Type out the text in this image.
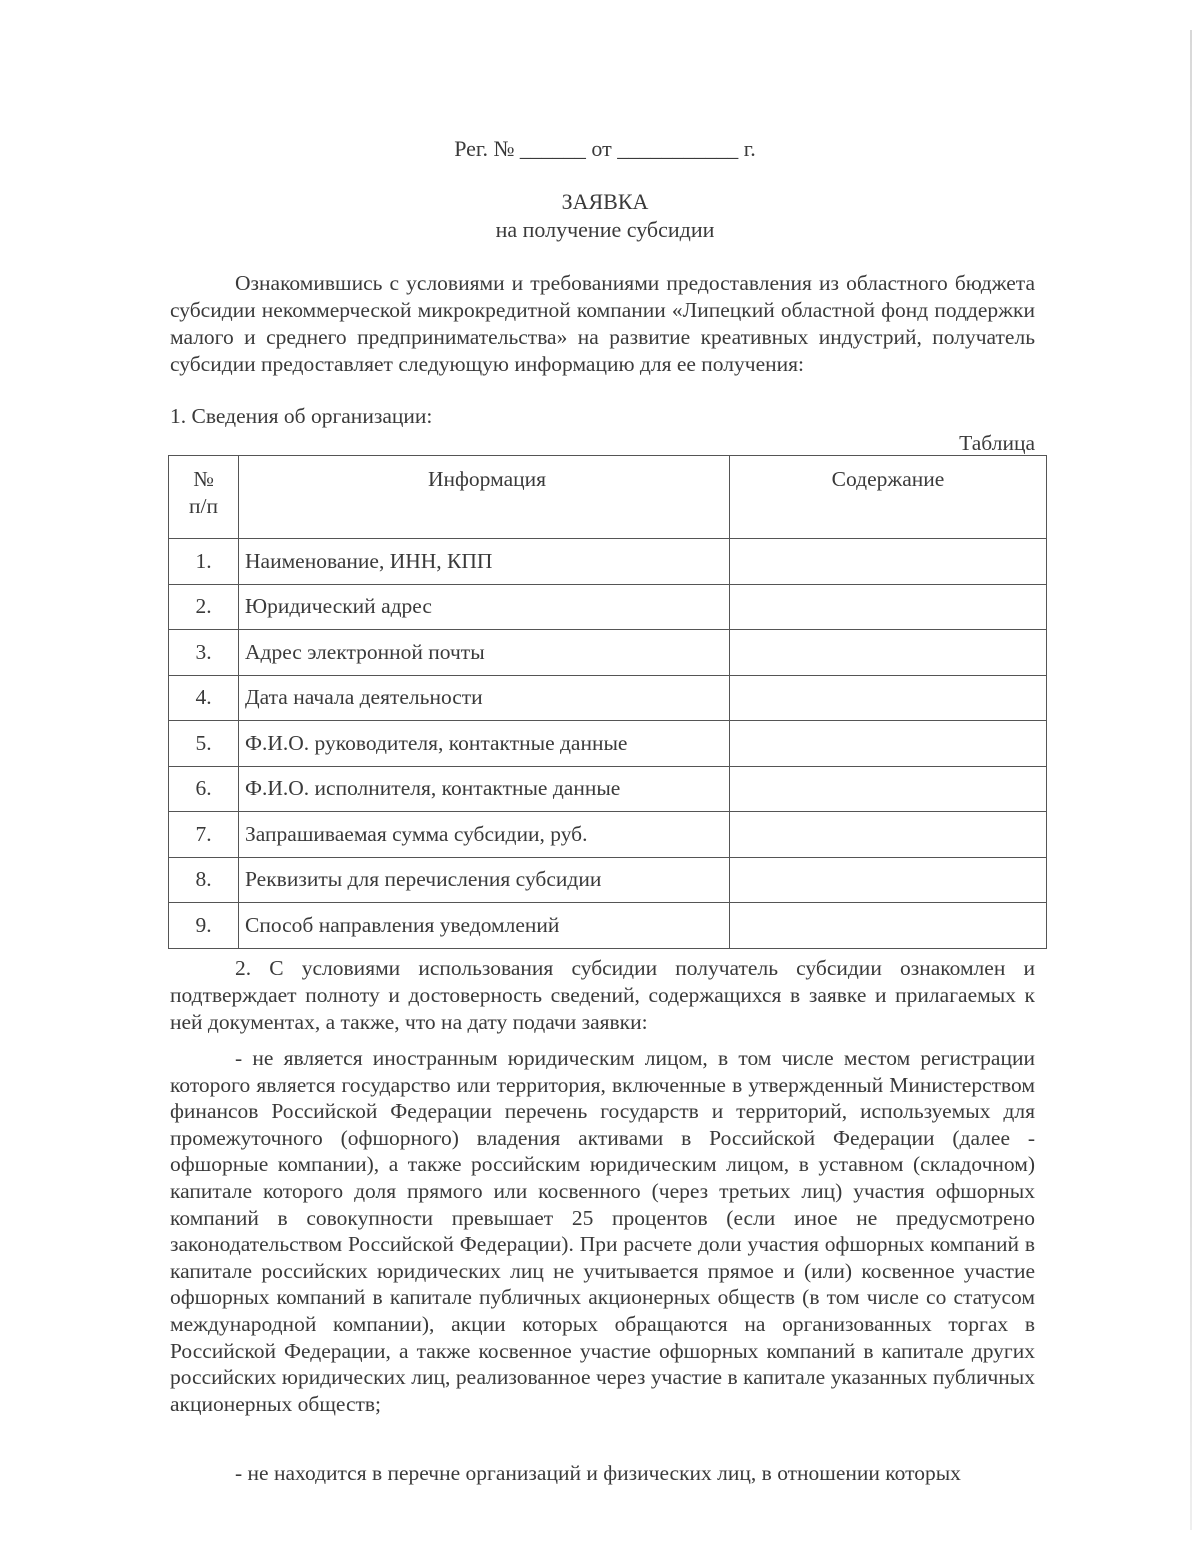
Рег. № ______ от ___________ г.
ЗАЯВКА
на получение субсидии
Ознакомившись с условиями и требованиями предоставления из областного бюджета субсидии некоммерческой микрокредитной компании «Липецкий областной фонд поддержки малого и среднего предпринимательства» на развитие креативных индустрий, получатель субсидии предоставляет следующую информацию для ее получения:
1. Сведения об организации:
Таблица
№
п/п	Информация	Содержание
1.	Наименование, ИНН, КПП	
2.	Юридический адрес	
3.	Адрес электронной почты	
4.	Дата начала деятельности	
5.	Ф.И.О. руководителя, контактные данные	
6.	Ф.И.О. исполнителя, контактные данные	
7.	Запрашиваемая сумма субсидии, руб.	
8.	Реквизиты для перечисления субсидии	
9.	Способ направления уведомлений	
2. С условиями использования субсидии получатель субсидии ознакомлен и подтверждает полноту и достоверность сведений, содержащихся в заявке и прилагаемых к ней документах, а также, что на дату подачи заявки:
- не является иностранным юридическим лицом, в том числе местом регистрации которого является государство или территория, включенные в утвержденный Министерством финансов Российской Федерации перечень государств и территорий, используемых для промежуточного (офшорного) владения активами в Российской Федерации (далее - офшорные компании), а также российским юридическим лицом, в уставном (складочном) капитале которого доля прямого или косвенного (через третьих лиц) участия офшорных компаний в совокупности превышает 25 процентов (если иное не предусмотрено законодательством Российской Федерации). При расчете доли участия офшорных компаний в капитале российских юридических лиц не учитывается прямое и (или) косвенное участие офшорных компаний в капитале публичных акционерных обществ (в том числе со статусом международной компании), акции которых обращаются на организованных торгах в Российской Федерации, а также косвенное участие офшорных компаний в капитале других российских юридических лиц, реализованное через участие в капитале указанных публичных акционерных обществ;
- не находится в перечне организаций и физических лиц, в отношении которых
